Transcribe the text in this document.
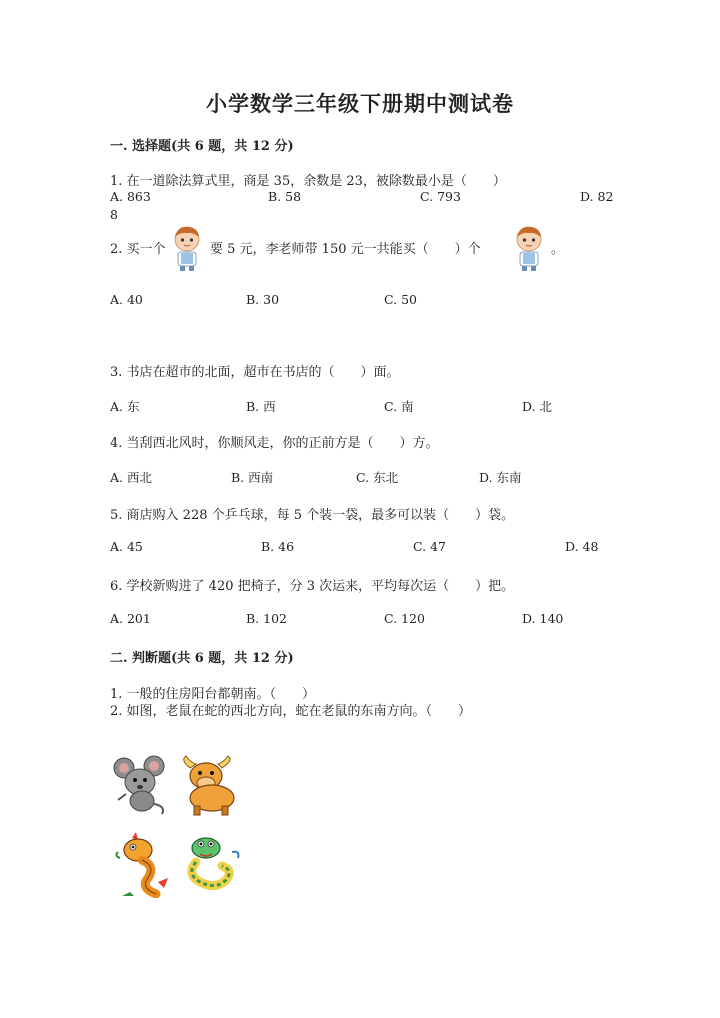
小学数学三年级下册期中测试卷
一. 选择题(共 6 题，共 12 分)
1. 在一道除法算式里，商是 35，余数是 23，被除数最小是（　　）
A. 863	B. 58	C. 793	D. 82
8
2. 买一个	要 5 元，李老师带 150 元一共能买（　　）个	。
A. 40	B. 30	C. 50
3. 书店在超市的北面，超市在书店的（　　）面。
A. 东	B. 西	C. 南	D. 北
4. 当刮西北风时，你顺风走，你的正前方是（　　）方。
A. 西北	B. 西南	C. 东北	D. 东南
5. 商店购入 228 个乒乓球，每 5 个装一袋，最多可以装（　　）袋。
A. 45	B. 46	C. 47	D. 48
6. 学校新购进了 420 把椅子，分 3 次运来，平均每次运（　　）把。
A. 201	B. 102	C. 120	D. 140
二. 判断题(共 6 题，共 12 分)
1. 一般的住房阳台都朝南。（　　）
2. 如图，老鼠在蛇的西北方向，蛇在老鼠的东南方向。（　　）
